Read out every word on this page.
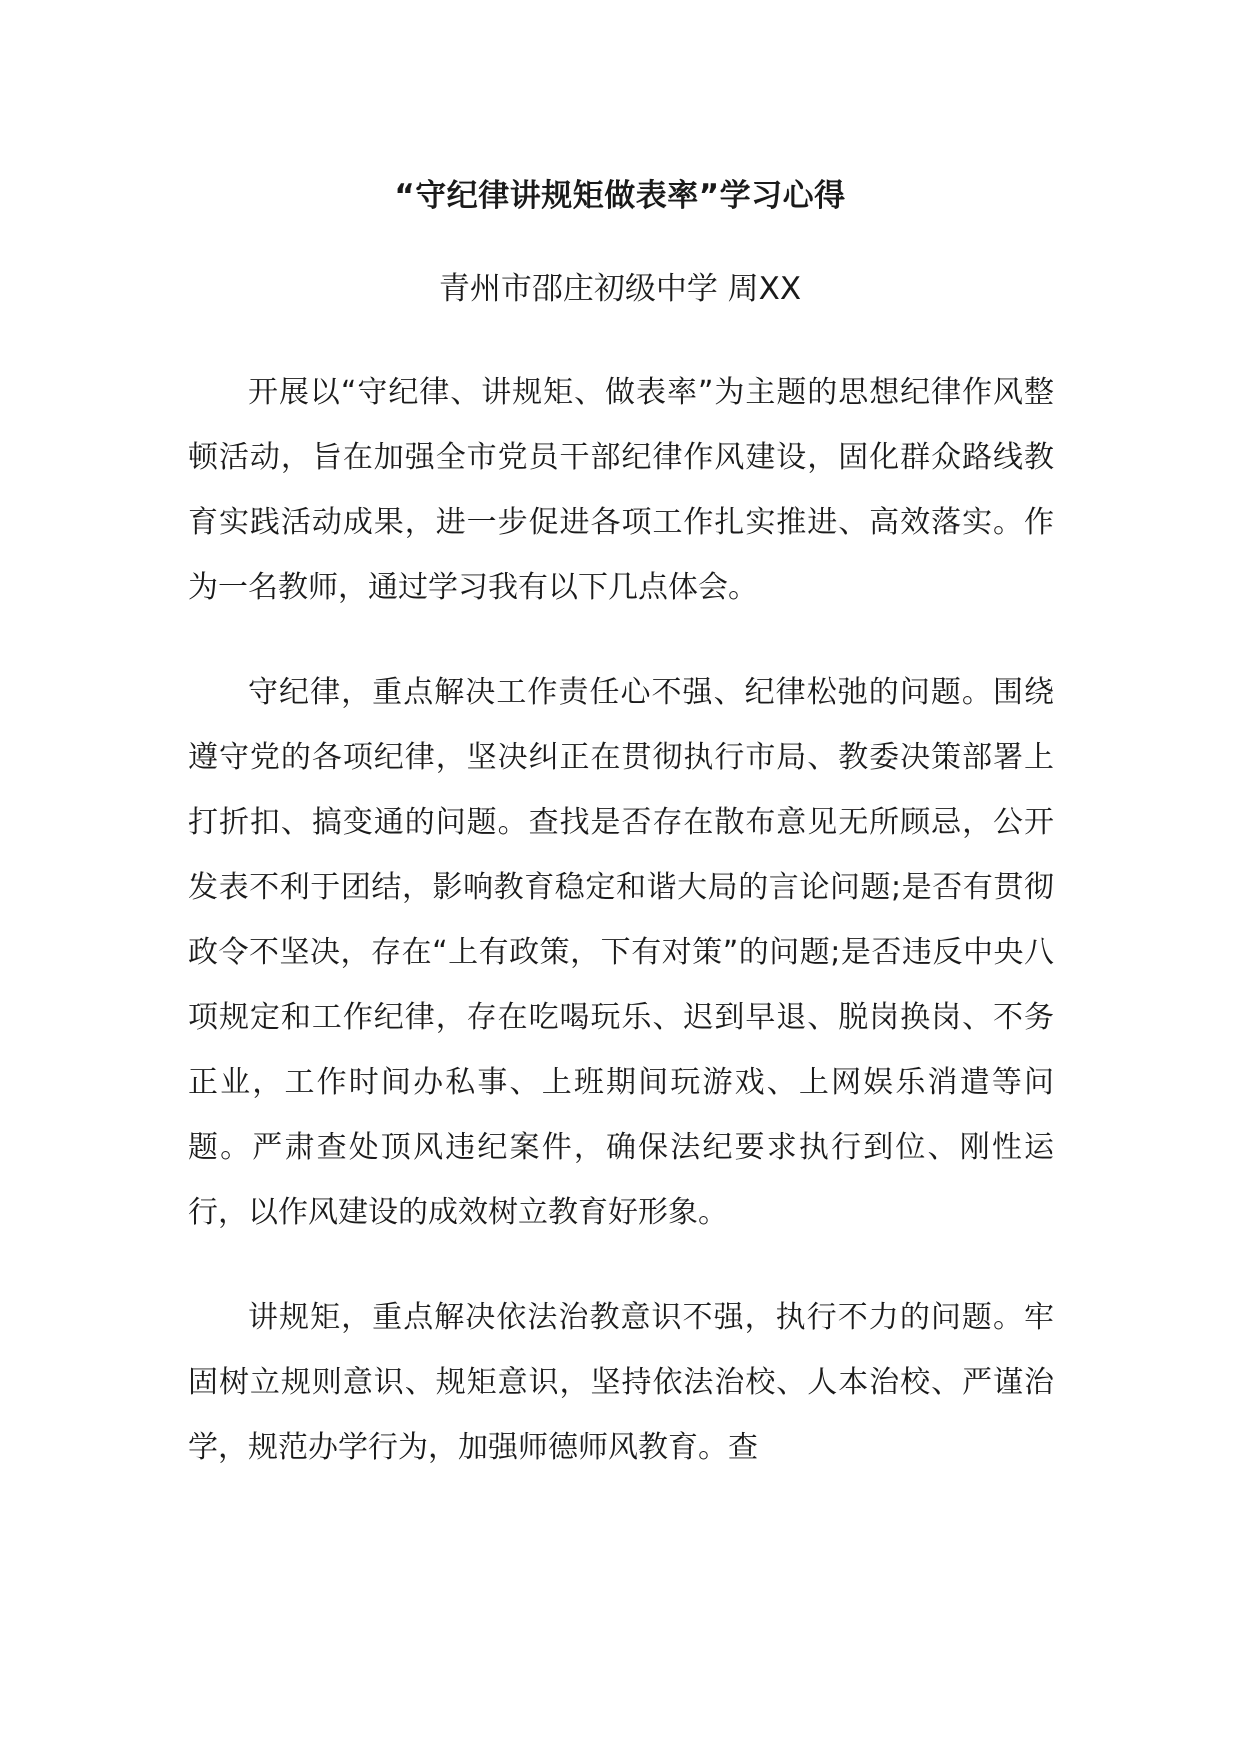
“守纪律讲规矩做表率”学习心得
青州市邵庄初级中学 周XX

开展以“守纪律、讲规矩、做表率”为主题的思想纪律作风整顿活动，旨在加强全市党员干部纪律作风建设，固化群众路线教育实践活动成果，进一步促进各项工作扎实推进、高效落实。作为一名教师，通过学习我有以下几点体会。

守纪律，重点解决工作责任心不强、纪律松弛的问题。围绕遵守党的各项纪律，坚决纠正在贯彻执行市局、教委决策部署上打折扣、搞变通的问题。查找是否存在散布意见无所顾忌，公开发表不利于团结，影响教育稳定和谐大局的言论问题;是否有贯彻政令不坚决，存在“上有政策，下有对策”的问题;是否违反中央八项规定和工作纪律，存在吃喝玩乐、迟到早退、脱岗换岗、不务正业，工作时间办私事、上班期间玩游戏、上网娱乐消遣等问题。严肃查处顶风违纪案件，确保法纪要求执行到位、刚性运行，以作风建设的成效树立教育好形象。

讲规矩，重点解决依法治教意识不强，执行不力的问题。牢固树立规则意识、规矩意识，坚持依法治校、人本治校、严谨治学，规范办学行为，加强师德师风教育。查
